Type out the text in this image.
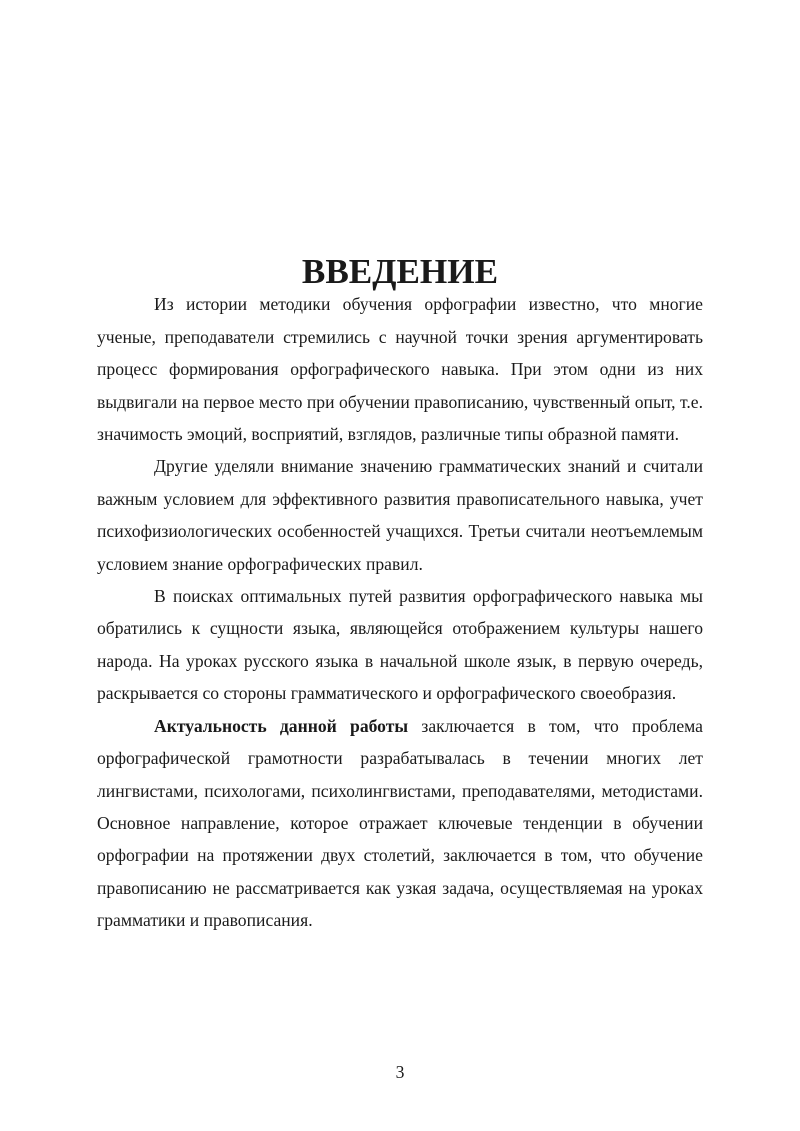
ВВЕДЕНИЕ

Из истории методики обучения орфографии известно, что многие ученые, преподаватели стремились с научной точки зрения аргументировать процесс формирования орфографического навыка. При этом одни из них выдвигали на первое место при обучении правописанию, чувственный опыт, т.е. значимость эмоций, восприятий, взглядов, различные типы образной памяти.

Другие уделяли внимание значению грамматических знаний и считали важным условием для эффективного развития правописательного навыка, учет психофизиологических особенностей учащихся. Третьи считали неотъемлемым условием знание орфографических правил.

В поисках оптимальных путей развития орфографического навыка мы обратились к сущности языка, являющейся отображением культуры нашего народа. На уроках русского языка в начальной школе язык, в первую очередь, раскрывается со стороны грамматического и орфографического своеобразия.

Актуальность данной работы заключается в том, что проблема орфографической грамотности разрабатывалась в течении многих лет лингвистами, психологами, психолингвистами, преподавателями, методистами. Основное направление, которое отражает ключевые тенденции в обучении орфографии на протяжении двух столетий, заключается в том, что обучение правописанию не рассматривается как узкая задача, осуществляемая на уроках грамматики и правописания.

3
